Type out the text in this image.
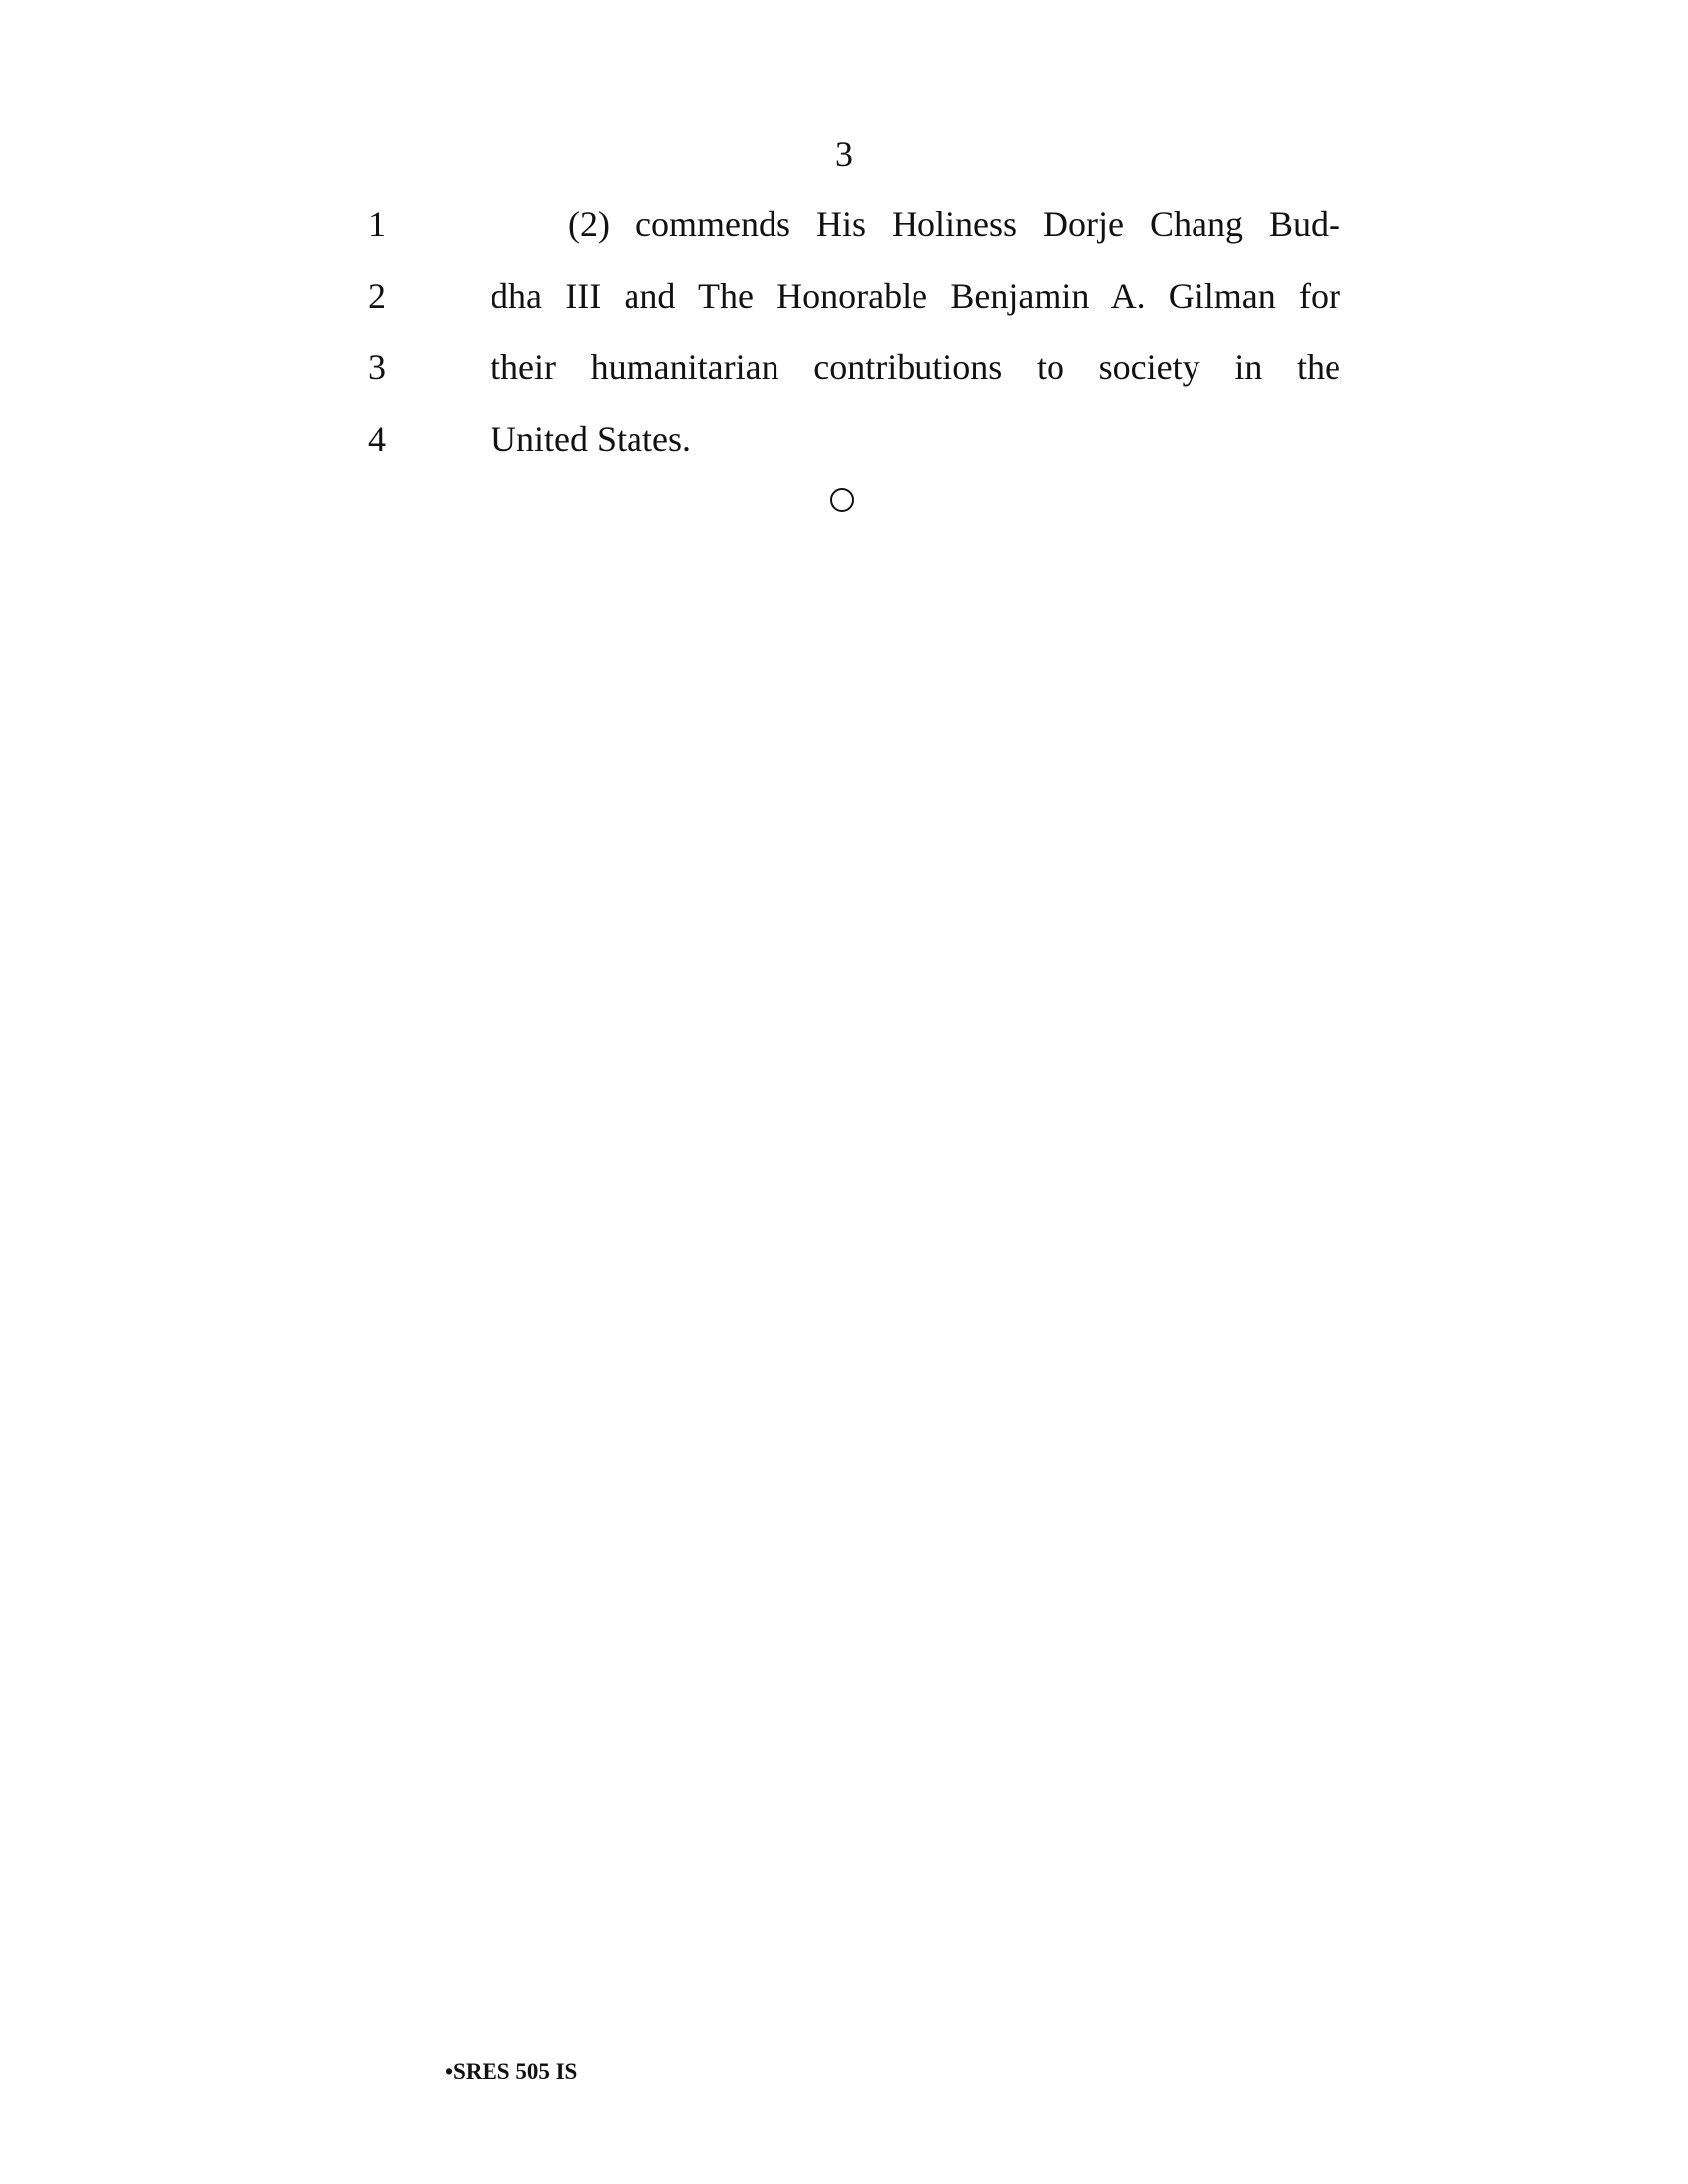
3
1	(2) commends His Holiness Dorje Chang Bud-
2	dha III and The Honorable Benjamin A. Gilman for
3	their humanitarian contributions to society in the
4	United States.
•SRES 505 IS
